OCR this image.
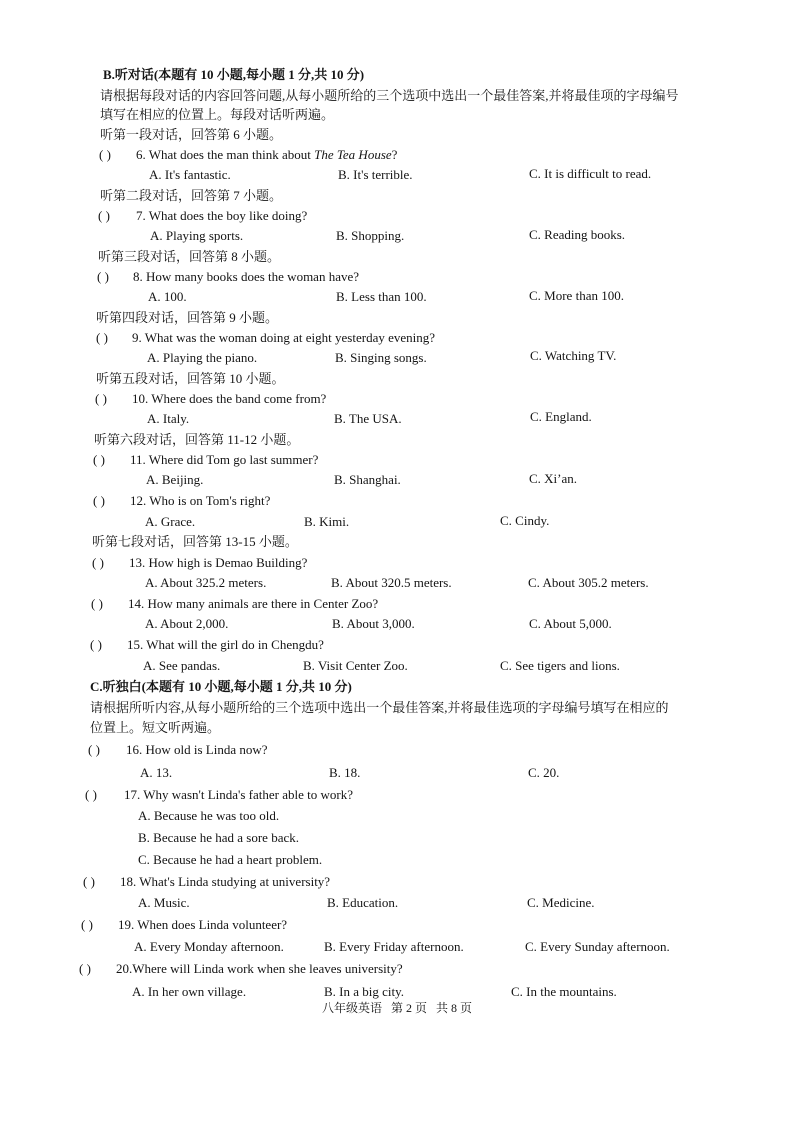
B.听对话(本题有 10 小题,每小题 1 分,共 10 分)
请根据每段对话的内容回答问题,从每小题所给的三个选项中选出一个最佳答案,并将最佳项的字母编号
填写在相应的位置上。每段对话听两遍。
听第一段对话，回答第 6 小题。
( ) 6. What does the man think about The Tea House?
A. It's fantastic.	B. It's terrible.	C. It is difficult to read.
听第二段对话，回答第 7 小题。
( ) 7. What does the boy like doing?
A. Playing sports.	B. Shopping.	C. Reading books.
听第三段对话，回答第 8 小题。
( ) 8. How many books does the woman have?
A. 100.	B. Less than 100.	C. More than 100.
听第四段对话，回答第 9 小题。
( ) 9. What was the woman doing at eight yesterday evening?
A. Playing the piano.	B. Singing songs.	C. Watching TV.
听第五段对话，回答第 10 小题。
( ) 10. Where does the band come from?
A. Italy.	B. The USA.	C. England.
听第六段对话，回答第 11-12 小题。
( ) 11. Where did Tom go last summer?
A. Beijing.	B. Shanghai.	C. Xi’an.
( ) 12. Who is on Tom's right?
A. Grace.	B. Kimi.	C. Cindy.
听第七段对话，回答第 13-15 小题。
( ) 13. How high is Demao Building?
A. About 325.2 meters.	B. About 320.5 meters.	C. About 305.2 meters.
( ) 14. How many animals are there in Center Zoo?
A. About 2,000.	B. About 3,000.	C. About 5,000.
( ) 15. What will the girl do in Chengdu?
A. See pandas.	B. Visit Center Zoo.	C. See tigers and lions.
C.听独白(本题有 10 小题,每小题 1 分,共 10 分)
请根据所听内容,从每小题所给的三个选项中选出一个最佳答案,并将最佳选项的字母编号填写在相应的
位置上。短文听两遍。
( ) 16. How old is Linda now?
A. 13.	B. 18.	C. 20.
( ) 17. Why wasn't Linda's father able to work?
A. Because he was too old.
B. Because he had a sore back.
C. Because he had a heart problem.
( ) 18. What's Linda studying at university?
A. Music.	B. Education.	C. Medicine.
( ) 19. When does Linda volunteer?
A. Every Monday afternoon.	B. Every Friday afternoon.	C. Every Sunday afternoon.
( ) 20.Where will Linda work when she leaves university?
A. In her own village.	B. In a big city.	C. In the mountains.
八年级英语 第 2 页 共 8 页
